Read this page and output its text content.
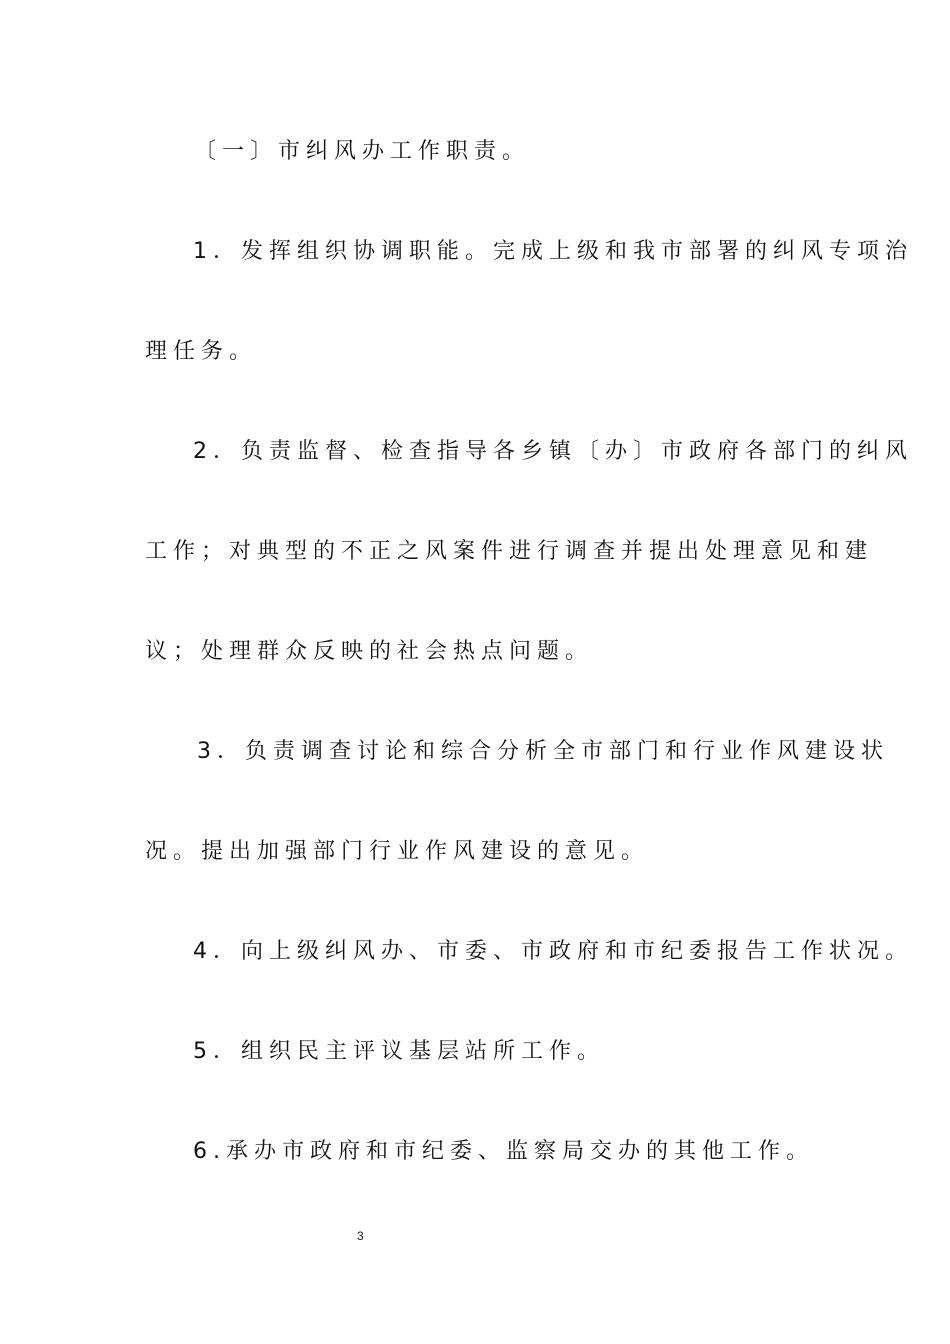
〔一〕市纠风办工作职责。
1．发挥组织协调职能。完成上级和我市部署的纠风专项治
理任务。
2．负责监督、检查指导各乡镇〔办〕市政府各部门的纠风
工作；对典型的不正之风案件进行调查并提出处理意见和建
议；处理群众反映的社会热点问题。
3．负责调查讨论和综合分析全市部门和行业作风建设状
况。提出加强部门行业作风建设的意见。
4．向上级纠风办、市委、市政府和市纪委报告工作状况。
5．组织民主评议基层站所工作。
6.承办市政府和市纪委、监察局交办的其他工作。
3
